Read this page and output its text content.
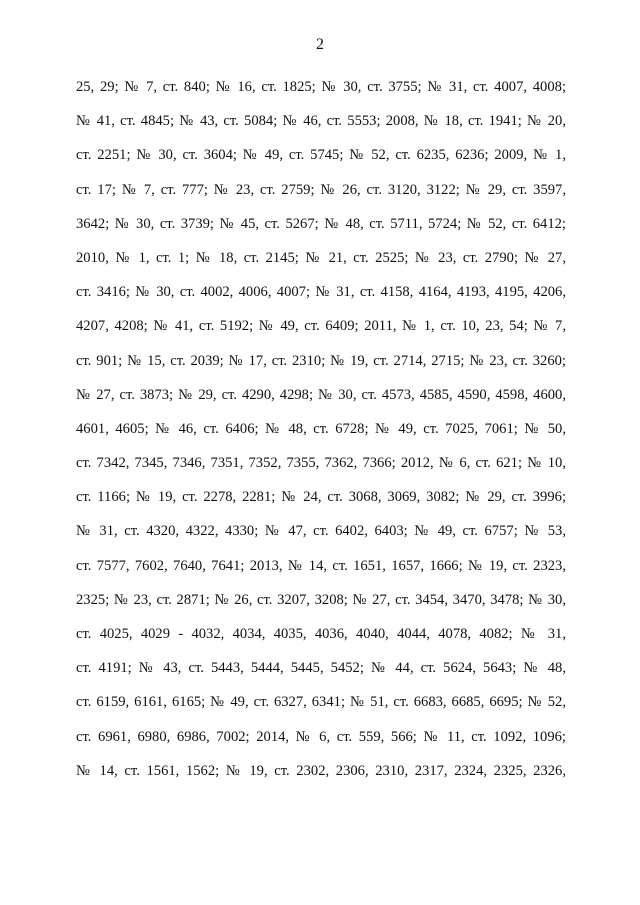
2
25, 29; № 7, ст. 840; № 16, ст. 1825; № 30, ст. 3755; № 31, ст. 4007, 4008;
№ 41, ст. 4845; № 43, ст. 5084; № 46, ст. 5553; 2008, № 18, ст. 1941; № 20,
ст. 2251; № 30, ст. 3604; № 49, ст. 5745; № 52, ст. 6235, 6236; 2009, № 1,
ст. 17; № 7, ст. 777; № 23, ст. 2759; № 26, ст. 3120, 3122; № 29, ст. 3597,
3642; № 30, ст. 3739; № 45, ст. 5267; № 48, ст. 5711, 5724; № 52, ст. 6412;
2010, № 1, ст. 1; № 18, ст. 2145; № 21, ст. 2525; № 23, ст. 2790; № 27,
ст. 3416; № 30, ст. 4002, 4006, 4007; № 31, ст. 4158, 4164, 4193, 4195, 4206,
4207, 4208; № 41, ст. 5192; № 49, ст. 6409; 2011, № 1, ст. 10, 23, 54; № 7,
ст. 901; № 15, ст. 2039; № 17, ст. 2310; № 19, ст. 2714, 2715; № 23, ст. 3260;
№ 27, ст. 3873; № 29, ст. 4290, 4298; № 30, ст. 4573, 4585, 4590, 4598, 4600,
4601, 4605; № 46, ст. 6406; № 48, ст. 6728; № 49, ст. 7025, 7061; № 50,
ст. 7342, 7345, 7346, 7351, 7352, 7355, 7362, 7366; 2012, № 6, ст. 621; № 10,
ст. 1166; № 19, ст. 2278, 2281; № 24, ст. 3068, 3069, 3082; № 29, ст. 3996;
№ 31, ст. 4320, 4322, 4330; № 47, ст. 6402, 6403; № 49, ст. 6757; № 53,
ст. 7577, 7602, 7640, 7641; 2013, № 14, ст. 1651, 1657, 1666; № 19, ст. 2323,
2325; № 23, ст. 2871; № 26, ст. 3207, 3208; № 27, ст. 3454, 3470, 3478; № 30,
ст. 4025, 4029 - 4032, 4034, 4035, 4036, 4040, 4044, 4078, 4082; № 31,
ст. 4191; № 43, ст. 5443, 5444, 5445, 5452; № 44, ст. 5624, 5643; № 48,
ст. 6159, 6161, 6165; № 49, ст. 6327, 6341; № 51, ст. 6683, 6685, 6695; № 52,
ст. 6961, 6980, 6986, 7002; 2014, № 6, ст. 559, 566; № 11, ст. 1092, 1096;
№ 14, ст. 1561, 1562; № 19, ст. 2302, 2306, 2310, 2317, 2324, 2325, 2326,
